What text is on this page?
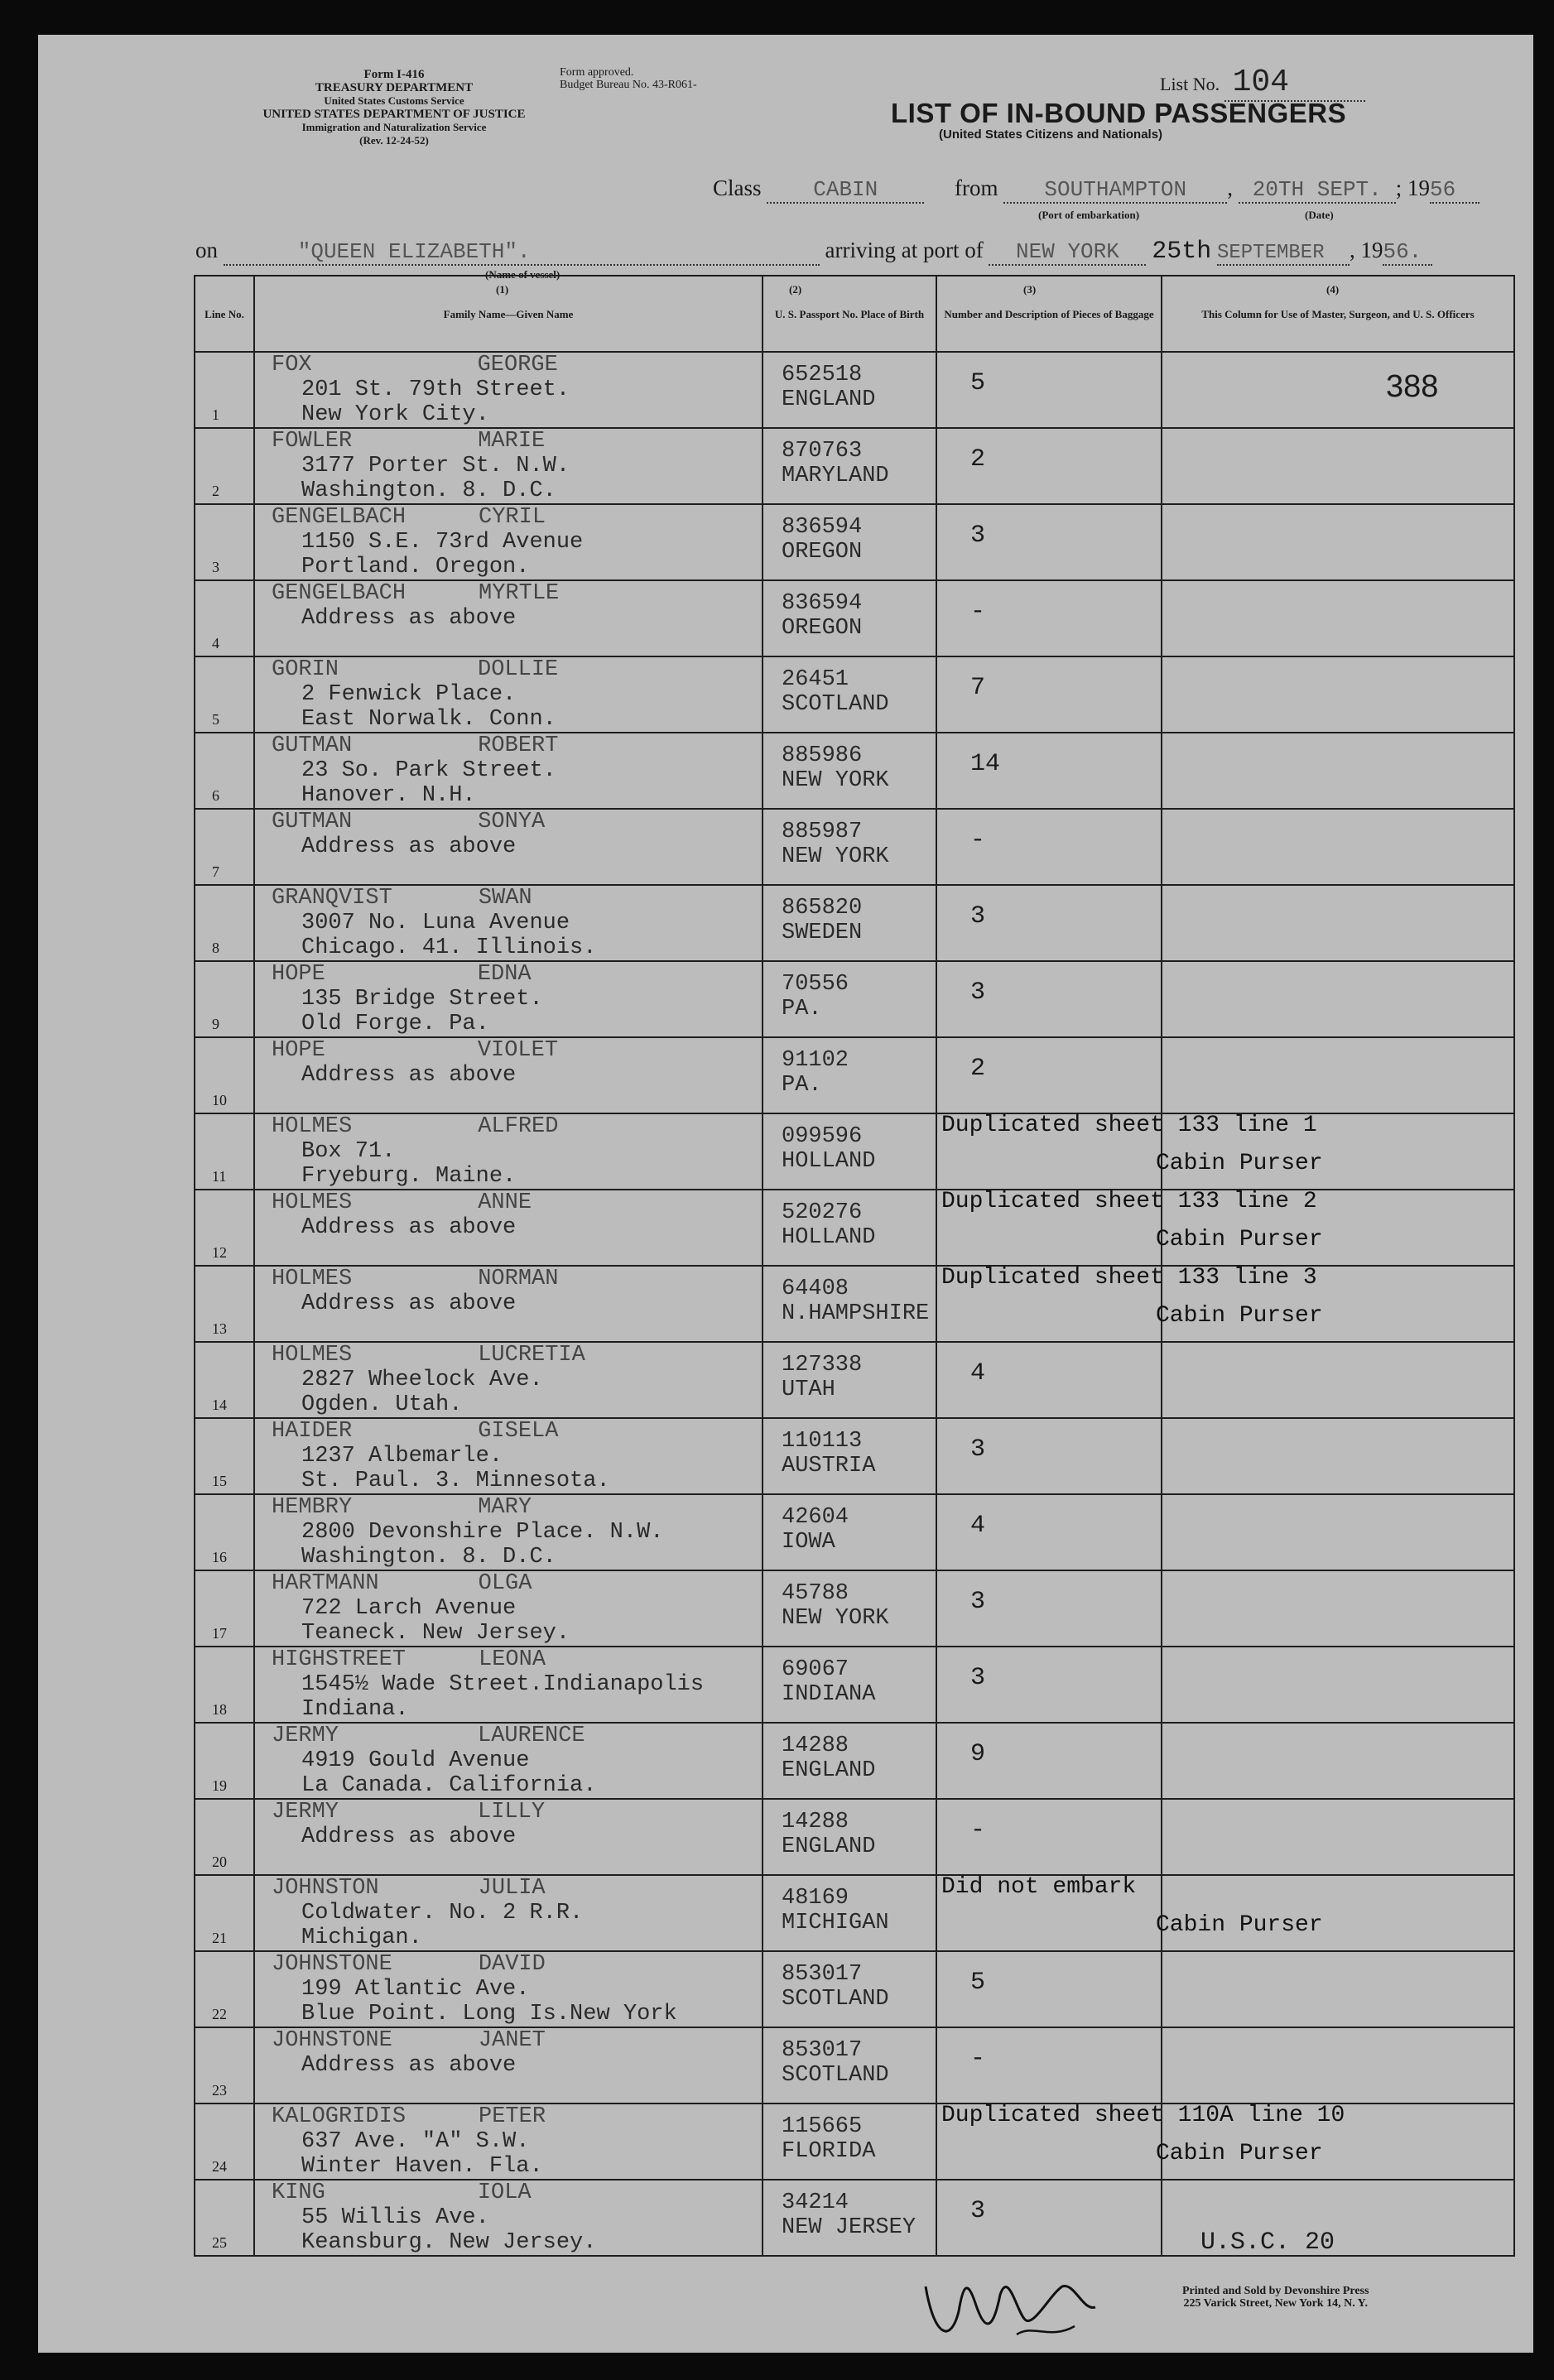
Form I-416
TREASURY DEPARTMENT
United States Customs Service
UNITED STATES DEPARTMENT OF JUSTICE
Immigration and Naturalization Service
(Rev. 12-24-52)
Form approved.
Budget Bureau No. 43-R061-	List No. 104
LIST OF IN-BOUND PASSENGERS
(United States Citizens and Nationals)
Class CABIN	from SOUTHAMPTON , 20TH SEPT. ; 1956
(Port of embarkation)	(Date)
on	"QUEEN ELIZABETH".	arriving at port of NEW YORK 25th SEPTEMBER , 1956.
(Name of vessel)
(1)	(2)	(3)	(4)
Line No.	Family Name—Given Name	U. S. Passport No. Place of Birth	Number and Description of Pieces of Baggage	This Column for Use of Master, Surgeon, and U. S. Officers

1	FOX GEORGE
201 St. 79th Street.
New York City.	652518
ENGLAND	5	388

2	FOWLER MARIE
3177 Porter St. N.W.
Washington. 8. D.C.	870763
MARYLAND	2	

3	GENGELBACH CYRIL
1150 S.E. 73rd Avenue
Portland. Oregon.	836594
OREGON	3	

4	GENGELBACH MYRTLE
Address as above	836594
OREGON	-	

5	GORIN DOLLIE
2 Fenwick Place.
East Norwalk. Conn.	26451
SCOTLAND	7	

6	GUTMAN ROBERT
23 So. Park Street.
Hanover. N.H.	885986
NEW YORK	14	

7	GUTMAN SONYA
Address as above	885987
NEW YORK	-	

8	GRANQVIST SWAN
3007 No. Luna Avenue
Chicago. 41. Illinois.	865820
SWEDEN	3	

9	HOPE EDNA
135 Bridge Street.
Old Forge. Pa.	70556
PA.	3	

10	HOPE VIOLET
Address as above	91102
PA.	2	

11	HOLMES ALFRED
Box 71.
Fryeburg. Maine.	099596
HOLLAND	Duplicated sheet 133 line 1	Cabin Purser

12	HOLMES ANNE
Address as above	520276
HOLLAND	Duplicated sheet 133 line 2	Cabin Purser

13	HOLMES NORMAN
Address as above	64408
N.HAMPSHIRE	Duplicated sheet 133 line 3	Cabin Purser

14	HOLMES LUCRETIA
2827 Wheelock Ave.
Ogden. Utah.	127338
UTAH	4	

15	HAIDER GISELA
1237 Albemarle.
St. Paul. 3. Minnesota.	110113
AUSTRIA	3	

16	HEMBRY MARY
2800 Devonshire Place. N.W.
Washington. 8. D.C.	42604
IOWA	4	

17	HARTMANN OLGA
722 Larch Avenue
Teaneck. New Jersey.	45788
NEW YORK	3	

18	HIGHSTREET LEONA
1545½ Wade Street.Indianapolis
Indiana.	69067
INDIANA	3	

19	JERMY LAURENCE
4919 Gould Avenue
La Canada. California.	14288
ENGLAND	9	

20	JERMY LILLY
Address as above	14288
ENGLAND	-	

21	JOHNSTON JULIA
Coldwater. No. 2 R.R.
Michigan.	48169
MICHIGAN	Did not embark	Cabin Purser

22	JOHNSTONE DAVID
199 Atlantic Ave.
Blue Point. Long Is.New York	853017
SCOTLAND	5	

23	JOHNSTONE JANET
Address as above	853017
SCOTLAND	-	

24	KALOGRIDIS PETER
637 Ave. "A" S.W.
Winter Haven. Fla.	115665
FLORIDA	Duplicated sheet 110A line 10	Cabin Purser

25	KING IOLA
55 Willis Ave.
Keansburg. New Jersey.	34214
NEW JERSEY	3	

U.S.C. 20
Printed and Sold by Devonshire Press
225 Varick Street, New York 14, N. Y.
